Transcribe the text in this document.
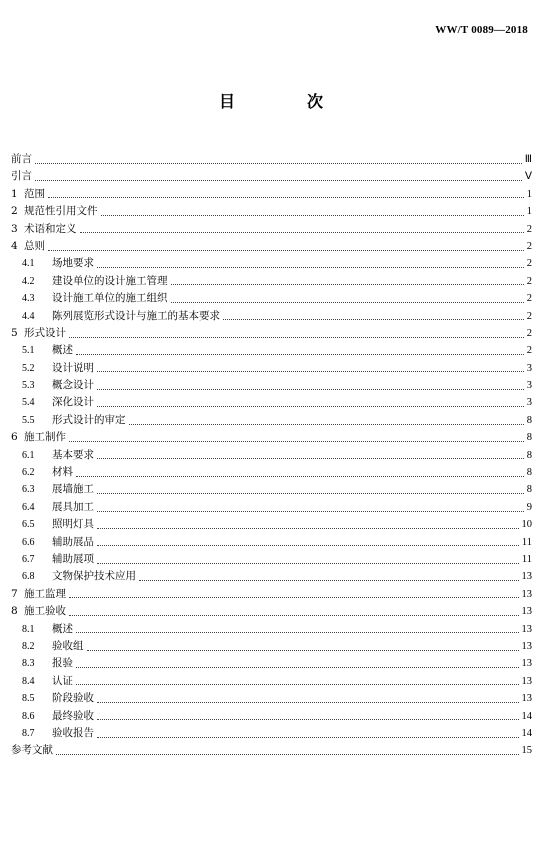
WW/T 0089—2018
目　次
前言	Ⅲ
引言	Ⅴ
1 范围	1
2 规范性引用文件	1
3 术语和定义	2
4 总则	2
4.1	场地要求	2
4.2	建设单位的设计施工管理	2
4.3	设计施工单位的施工组织	2
4.4	陈列展览形式设计与施工的基本要求	2
5 形式设计	2
5.1	概述	2
5.2	设计说明	3
5.3	概念设计	3
5.4	深化设计	3
5.5	形式设计的审定	8
6 施工制作	8
6.1	基本要求	8
6.2	材料	8
6.3	展墙施工	8
6.4	展具加工	9
6.5	照明灯具	10
6.6	辅助展品	11
6.7	辅助展项	11
6.8	文物保护技术应用	13
7 施工监理	13
8 施工验收	13
8.1	概述	13
8.2	验收组	13
8.3	报验	13
8.4	认证	13
8.5	阶段验收	13
8.6	最终验收	14
8.7	验收报告	14
参考文献	15
